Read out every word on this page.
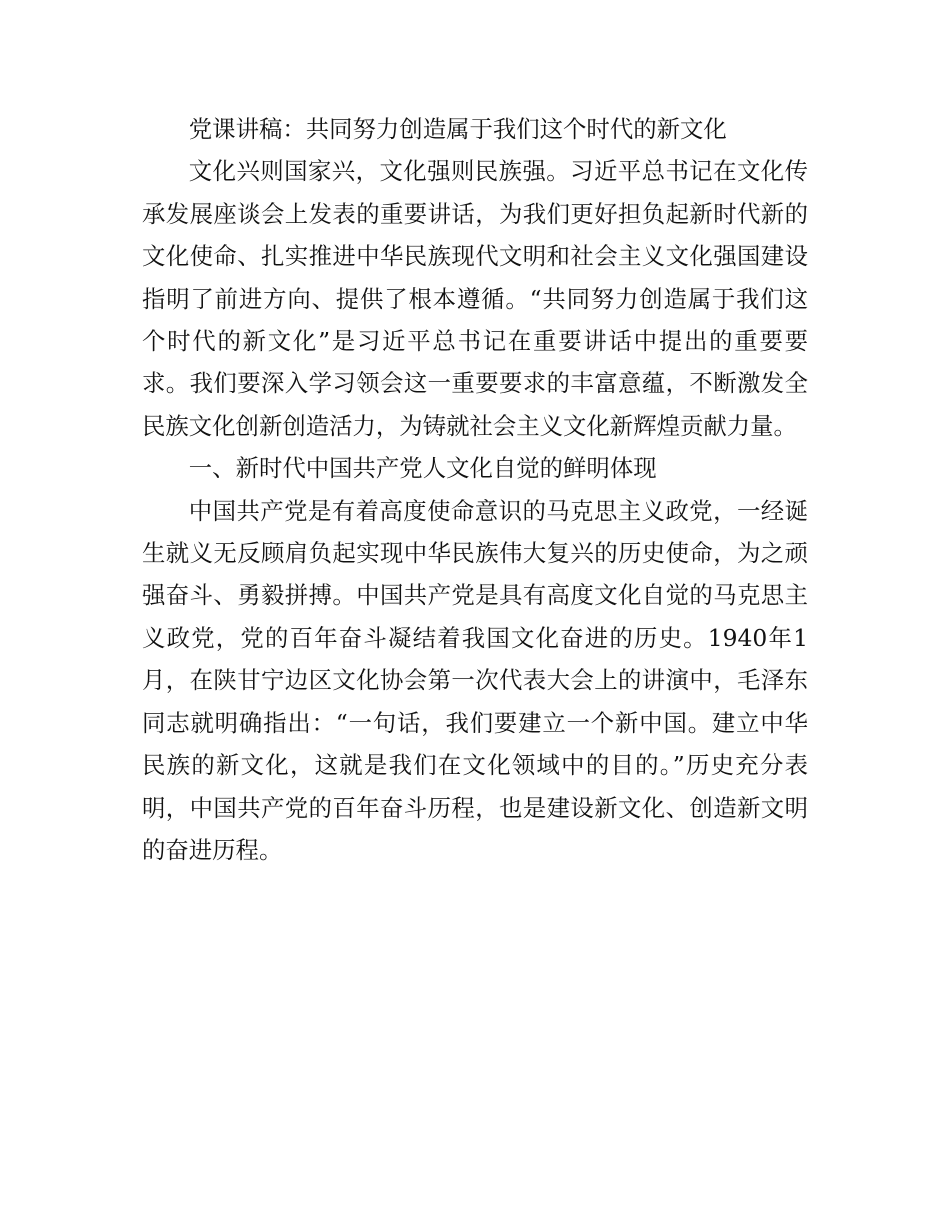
党课讲稿：共同努力创造属于我们这个时代的新文化

文化兴则国家兴，文化强则民族强。习近平总书记在文化传承发展座谈会上发表的重要讲话，为我们更好担负起新时代新的文化使命、扎实推进中华民族现代文明和社会主义文化强国建设指明了前进方向、提供了根本遵循。“共同努力创造属于我们这个时代的新文化”是习近平总书记在重要讲话中提出的重要要求。我们要深入学习领会这一重要要求的丰富意蕴，不断激发全民族文化创新创造活力，为铸就社会主义文化新辉煌贡献力量。

一、新时代中国共产党人文化自觉的鲜明体现

中国共产党是有着高度使命意识的马克思主义政党，一经诞生就义无反顾肩负起实现中华民族伟大复兴的历史使命，为之顽强奋斗、勇毅拼搏。中国共产党是具有高度文化自觉的马克思主义政党，党的百年奋斗凝结着我国文化奋进的历史。1940年1月，在陕甘宁边区文化协会第一次代表大会上的讲演中，毛泽东同志就明确指出：“一句话，我们要建立一个新中国。建立中华民族的新文化，这就是我们在文化领域中的目的。”历史充分表明，中国共产党的百年奋斗历程，也是建设新文化、创造新文明的奋进历程。
